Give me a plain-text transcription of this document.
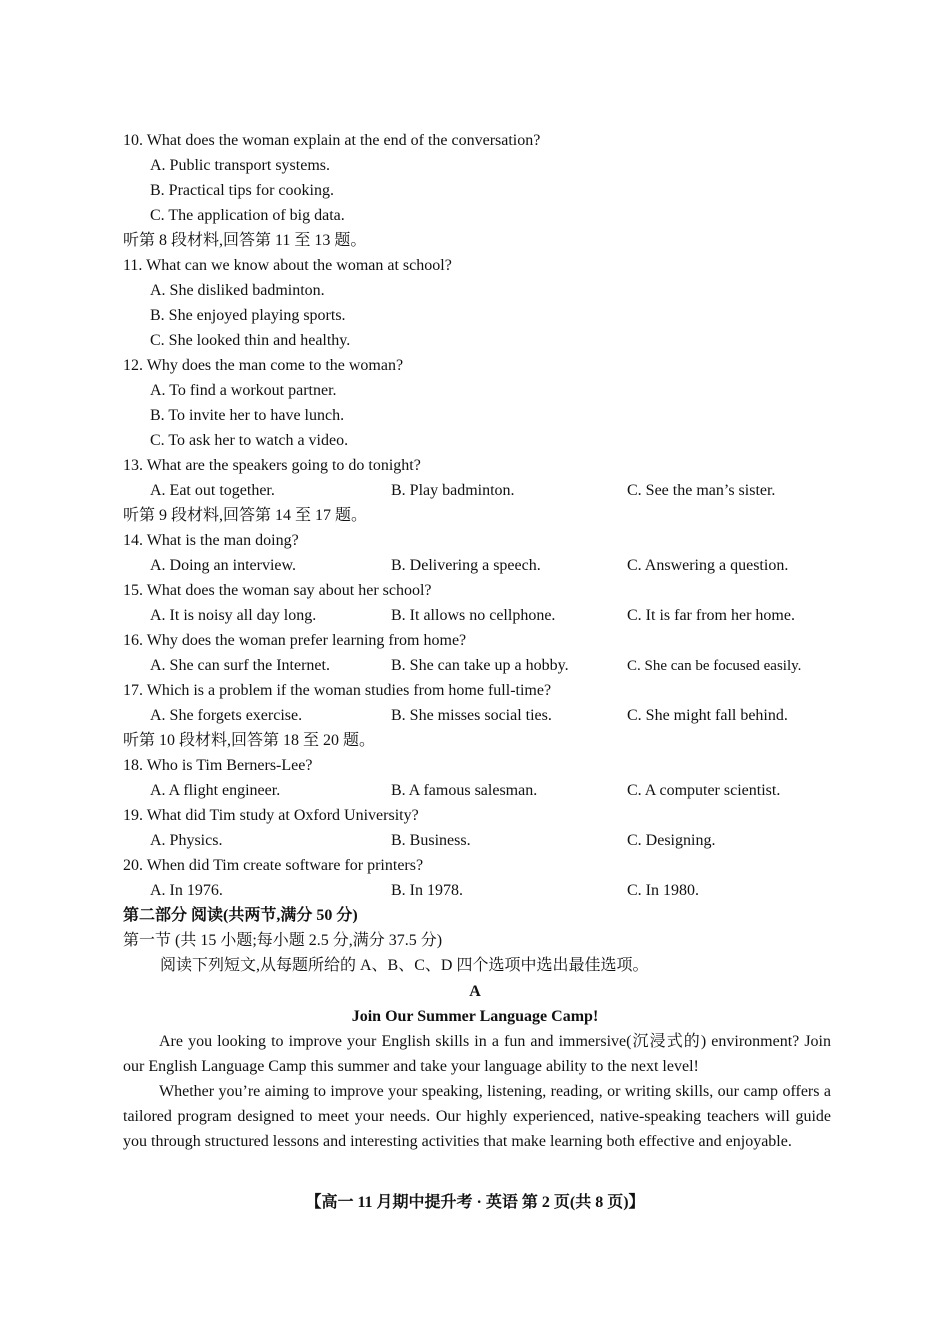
10. What does the woman explain at the end of the conversation?
A. Public transport systems.
B. Practical tips for cooking.
C. The application of big data.
听第 8 段材料,回答第 11 至 13 题。
11. What can we know about the woman at school?
A. She disliked badminton.
B. She enjoyed playing sports.
C. She looked thin and healthy.
12. Why does the man come to the woman?
A. To find a workout partner.
B. To invite her to have lunch.
C. To ask her to watch a video.
13. What are the speakers going to do tonight?
A. Eat out together.	B. Play badminton.	C. See the man’s sister.
听第 9 段材料,回答第 14 至 17 题。
14. What is the man doing?
A. Doing an interview.	B. Delivering a speech.	C. Answering a question.
15. What does the woman say about her school?
A. It is noisy all day long.	B. It allows no cellphone.	C. It is far from her home.
16. Why does the woman prefer learning from home?
A. She can surf the Internet.	B. She can take up a hobby.	C. She can be focused easily.
17. Which is a problem if the woman studies from home full-time?
A. She forgets exercise.	B. She misses social ties.	C. She might fall behind.
听第 10 段材料,回答第 18 至 20 题。
18. Who is Tim Berners-Lee?
A. A flight engineer.	B. A famous salesman.	C. A computer scientist.
19. What did Tim study at Oxford University?
A. Physics.	B. Business.	C. Designing.
20. When did Tim create software for printers?
A. In 1976.	B. In 1978.	C. In 1980.
第二部分 阅读(共两节,满分 50 分)
第一节 (共 15 小题;每小题 2.5 分,满分 37.5 分)
阅读下列短文,从每题所给的 A、B、C、D 四个选项中选出最佳选项。
A
Join Our Summer Language Camp!
Are you looking to improve your English skills in a fun and immersive(沉浸式的) environment? Join our English Language Camp this summer and take your language ability to the next level!
Whether you’re aiming to improve your speaking, listening, reading, or writing skills, our camp offers a tailored program designed to meet your needs. Our highly experienced, native-speaking teachers will guide you through structured lessons and interesting activities that make learning both effective and enjoyable.
【高一 11 月期中提升考 · 英语 第 2 页(共 8 页)】
